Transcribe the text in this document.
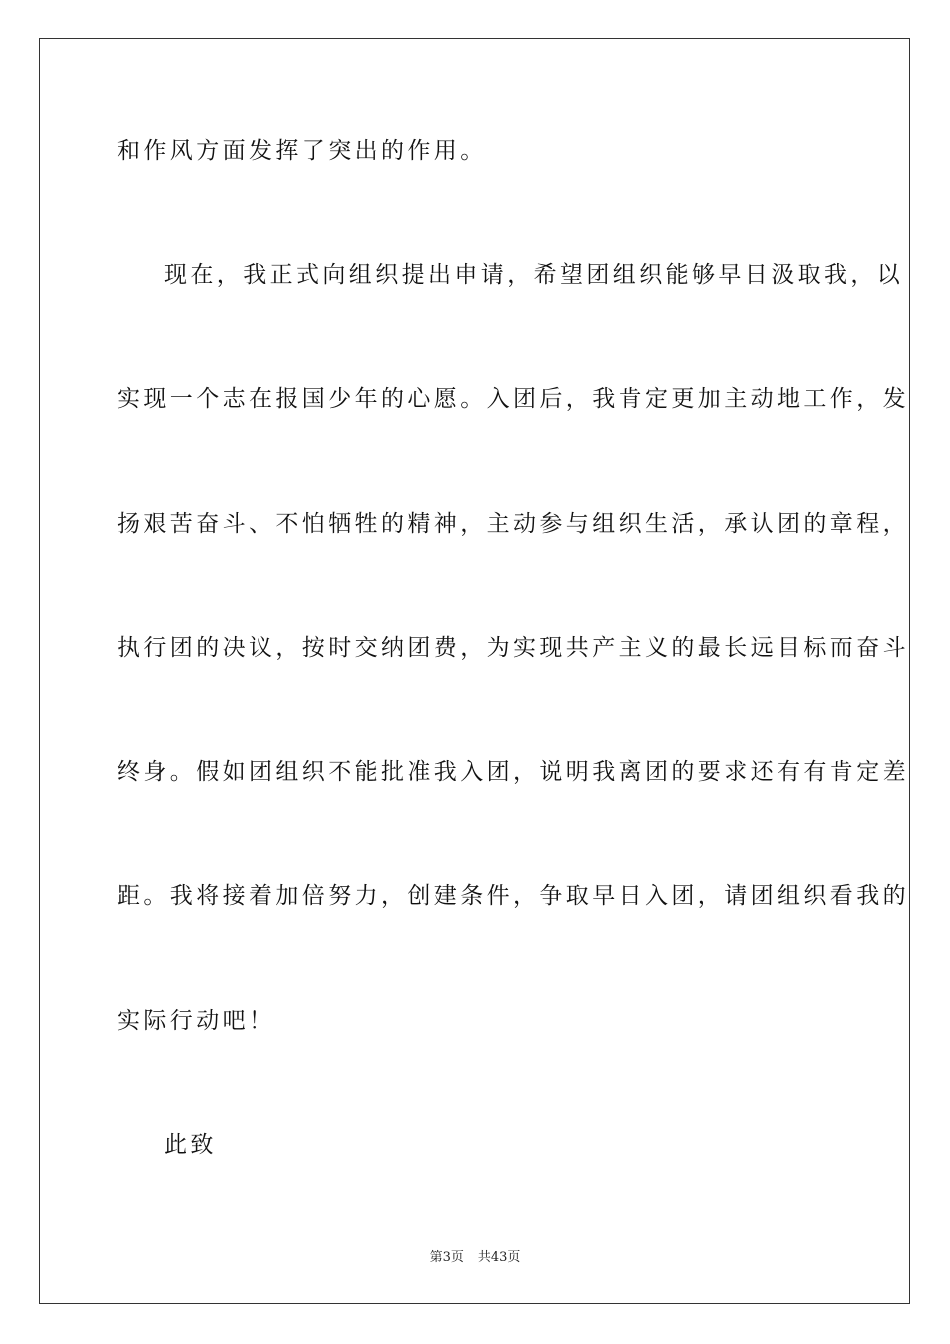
和作风方面发挥了突出的作用。
现在，我正式向组织提出申请，希望团组织能够早日汲取我，以
实现一个志在报国少年的心愿。入团后，我肯定更加主动地工作，发
扬艰苦奋斗、不怕牺牲的精神，主动参与组织生活，承认团的章程，
执行团的决议，按时交纳团费，为实现共产主义的最长远目标而奋斗
终身。假如团组织不能批准我入团，说明我离团的要求还有有肯定差
距。我将接着加倍努力，创建条件，争取早日入团，请团组织看我的
实际行动吧！
此致
第3页 共43页
